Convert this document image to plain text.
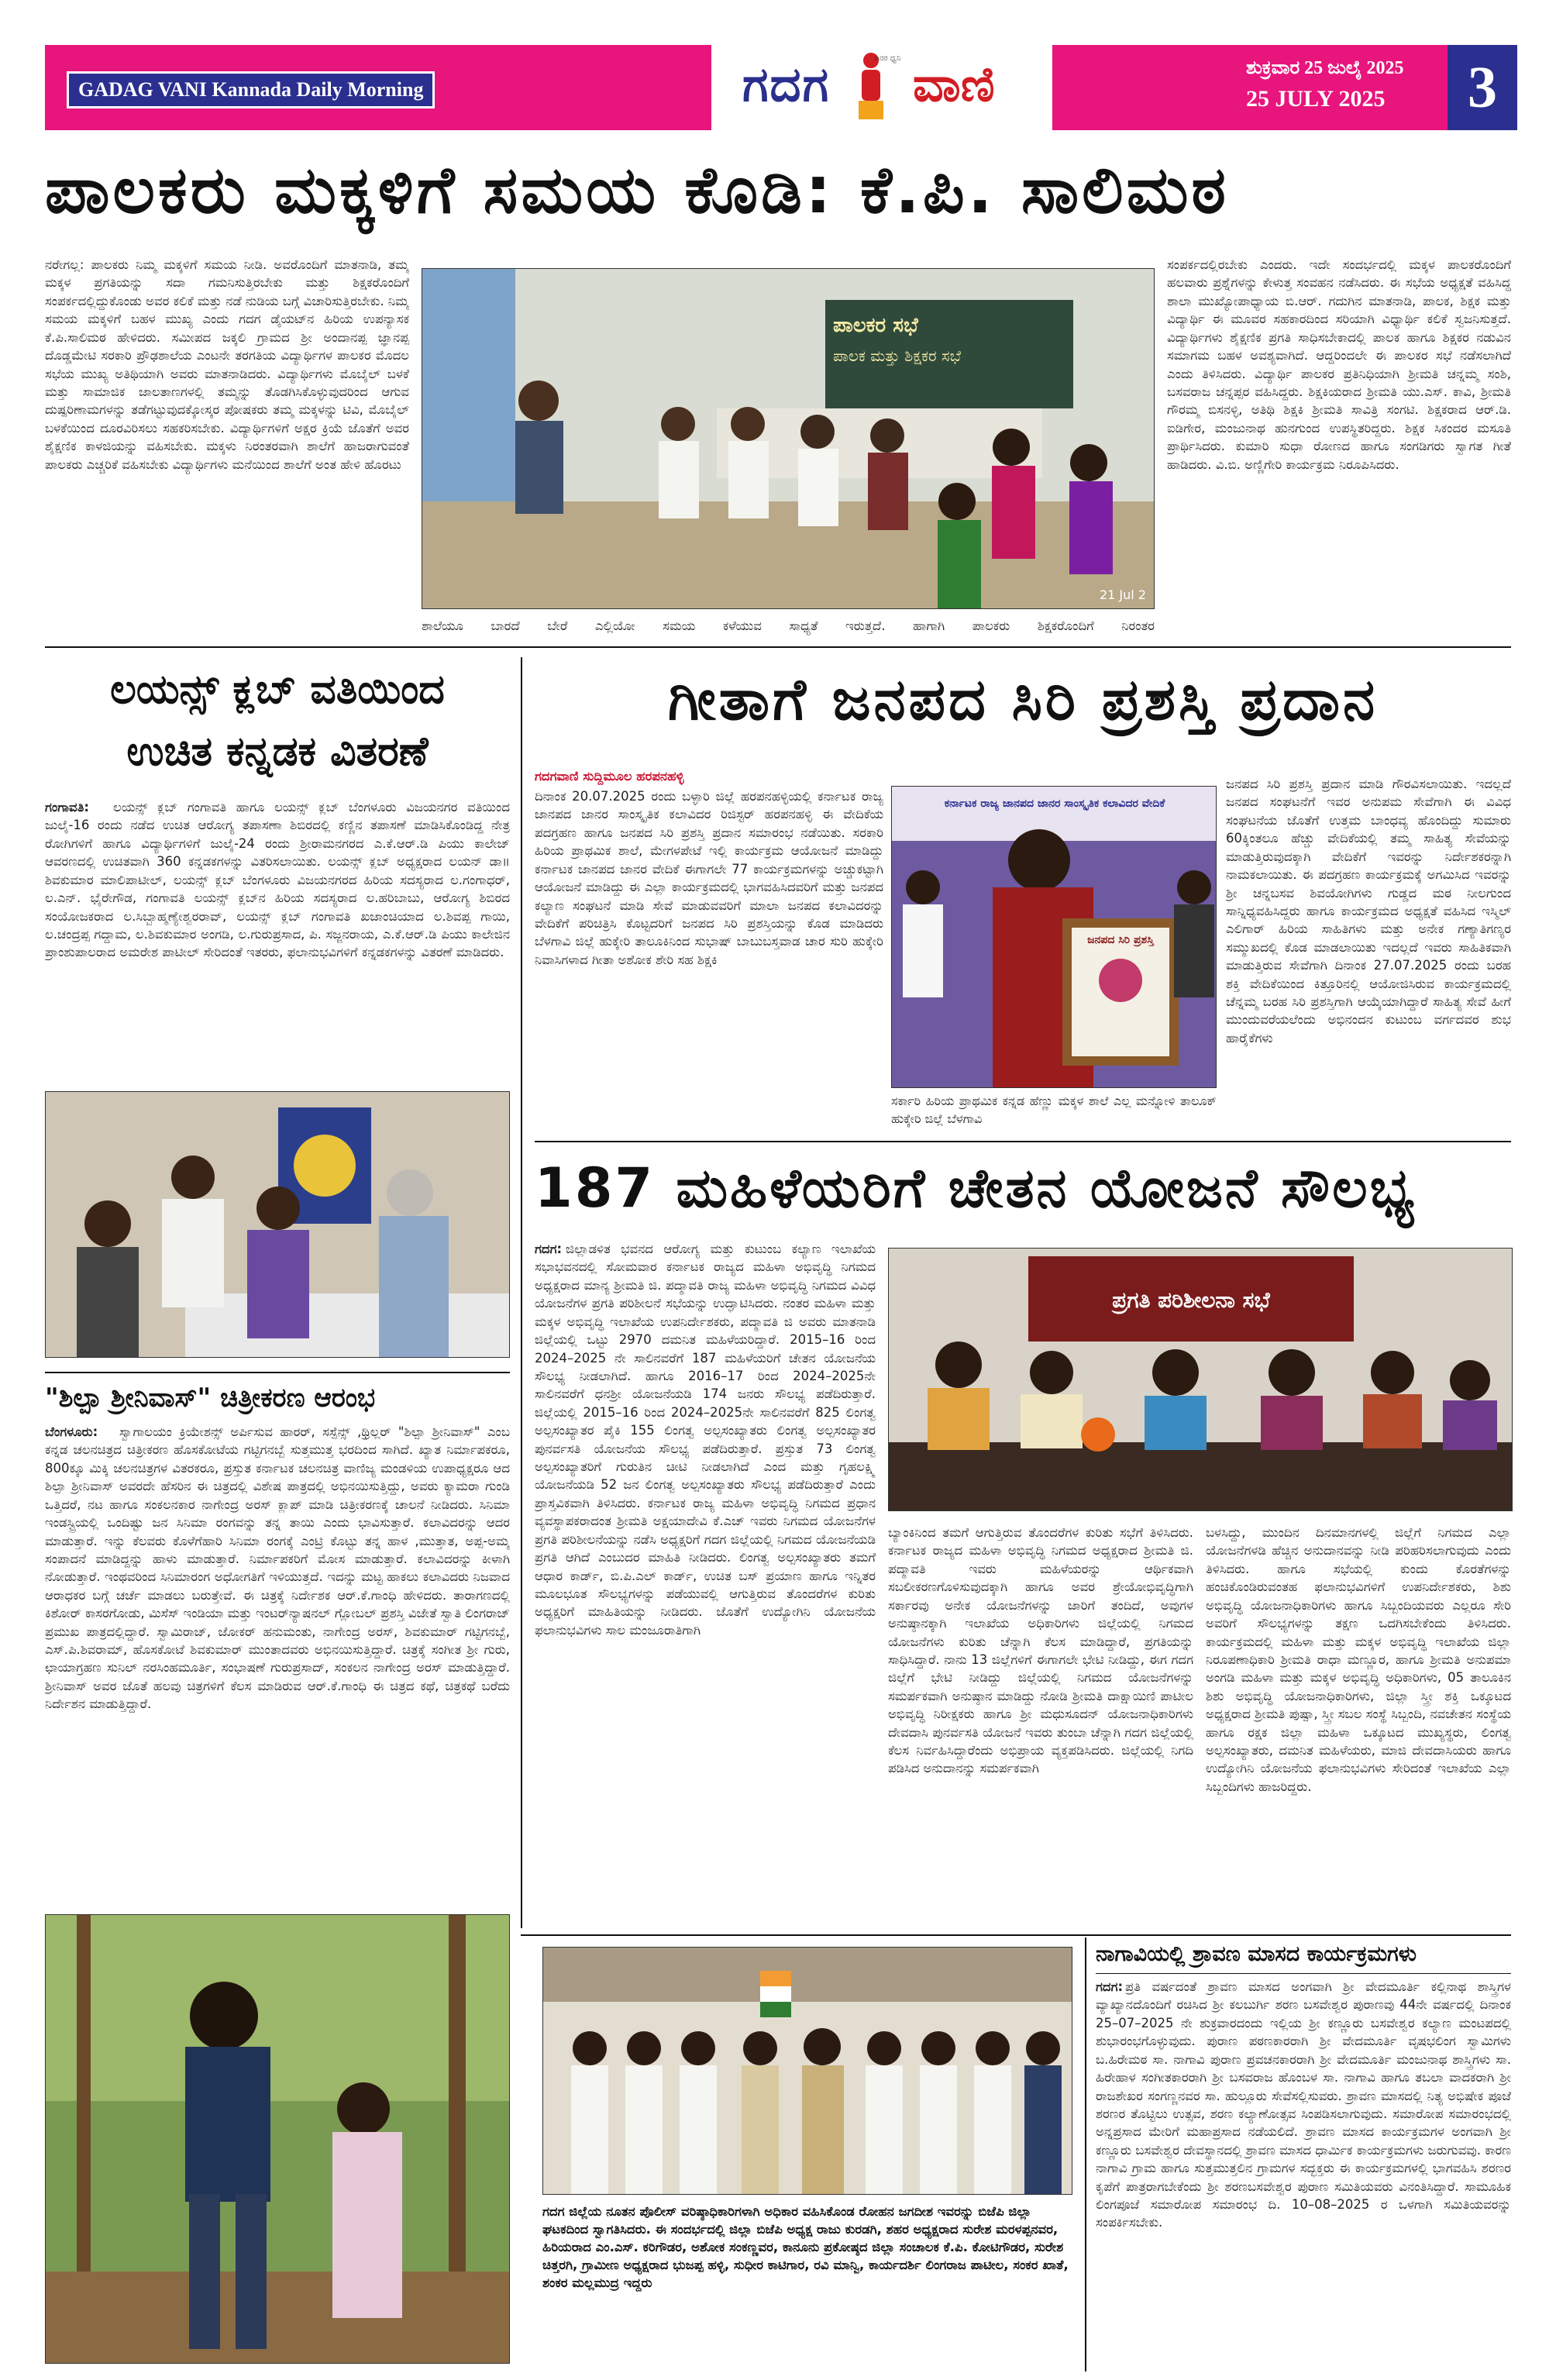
GADAG VANI Kannada Daily Morning	ಗದಗ	ಜನರ ಧ್ವನಿ ವಾಣಿ	ಶುಕ್ರವಾರ 25 ಜುಲೈ 2025
25 JULY 2025	3
ಪಾಲಕರು ಮಕ್ಕಳಿಗೆ ಸಮಯ ಕೊಡಿ: ಕೆ.ಪಿ. ಸಾಲಿಮಠ
ನರೇಗಲ್ಲ: ಪಾಲಕರು ನಿಮ್ಮ ಮಕ್ಕಳಿಗೆ ಸಮಯ ನೀಡಿ. ಅವರೊಂದಿಗೆ ಮಾತನಾಡಿ, ತಮ್ಮ ಮಕ್ಕಳ ಪ್ರಗತಿಯನ್ನು ಸದಾ ಗಮನಿಸುತ್ತಿರಬೇಕು ಮತ್ತು ಶಿಕ್ಷಕರೊಂದಿಗೆ ಸಂಪರ್ಕದಲ್ಲಿದ್ದುಕೊಂಡು ಅವರ ಕಲಿಕೆ ಮತ್ತು ನಡೆ ನುಡಿಯ ಬಗ್ಗೆ ವಿಚಾರಿಸುತ್ತಿರಬೇಕು. ನಿಮ್ಮ ಸಮಯ ಮಕ್ಕಳಿಗೆ ಬಹಳ ಮುಖ್ಯ ಎಂದು ಗದಗ ಡೈಯಟ್‌ನ ಹಿರಿಯ ಉಪನ್ಯಾಸಕ ಕೆ.ಪಿ.ಸಾಲಿಮಠ ಹೇಳಿದರು. ಸಮೀಪದ ಜಕ್ಕಲಿ ಗ್ರಾಮದ ಶ್ರೀ ಅಂದಾನಪ್ಪ ಜ್ಞಾನಪ್ಪ ದೊಡ್ಡಮೇಟಿ ಸರಕಾರಿ ಪ್ರೌಢಶಾಲೆಯ ಎಂಟನೇ ತರಗತಿಯ ವಿದ್ಯಾರ್ಥಿಗಳ ಪಾಲಕರ ಮೊದಲ ಸಭೆಯ ಮುಖ್ಯ ಅತಿಥಿಯಾಗಿ ಅವರು ಮಾತನಾಡಿದರು. ವಿದ್ಯಾರ್ಥಿಗಳು ಮೊಬೈಲ್ ಬಳಕೆ ಮತ್ತು ಸಾಮಾಜಿಕ ಜಾಲತಾಣಗಳಲ್ಲಿ ತಮ್ಮನ್ನು ತೊಡಗಿಸಿಕೊಳ್ಳುವುದರಿಂದ ಆಗುವ ದುಷ್ಪರಿಣಾಮಗಳನ್ನು ತಡೆಗಟ್ಟುವುದಕ್ಕೋಸ್ಕರ ಪೋಷಕರು ತಮ್ಮ ಮಕ್ಕಳನ್ನು ಟಿವಿ, ಮೊಬೈಲ್ ಬಳಕೆಯಿಂದ ದೂರವಿರಿಸಲು ಸಹಕರಿಸಬೇಕು. ವಿದ್ಯಾರ್ಥಿಗಳಿಗೆ ಅಕ್ಷರ ಕ್ರಿಯೆ ಜೊತೆಗೆ ಅವರ ಶೈಕ್ಷಣಿಕ ಕಾಳಜಿಯನ್ನು ವಹಿಸಬೇಕು. ಮಕ್ಕಳು ನಿರಂತರವಾಗಿ ಶಾಲೆಗೆ ಹಾಜರಾಗುವಂತೆ ಪಾಲಕರು ಎಚ್ಚರಿಕೆ ವಹಿಸಬೇಕು ವಿದ್ಯಾರ್ಥಿಗಳು ಮನೆಯಿಂದ ಶಾಲೆಗೆ ಅಂತ ಹೇಳಿ ಹೊರಟು
ಪಾಲಕರ ಸಭೆ
ಪಾಲಕ ಮತ್ತು ಶಿಕ್ಷಕರ ಸಭೆ
21 Jul 2
ಶಾಲೆಯೂ ಬಾರದೆ ಬೇರೆ ಎಲ್ಲಿಯೋ ಸಮಯ ಕಳೆಯುವ ಸಾಧ್ಯತೆ ಇರುತ್ತದೆ. ಹಾಗಾಗಿ ಪಾಲಕರು ಶಿಕ್ಷಕರೊಂದಿಗೆ ನಿರಂತರ
ಸಂಪರ್ಕದಲ್ಲಿರಬೇಕು ಎಂದರು. ಇದೇ ಸಂದರ್ಭದಲ್ಲಿ ಮಕ್ಕಳ ಪಾಲಕರೊಂದಿಗೆ ಹಲವಾರು ಪ್ರಶ್ನೆಗಳನ್ನು ಕೇಳುತ್ತ ಸಂವಹನ ನಡೆಸಿದರು. ಈ ಸಭೆಯ ಅಧ್ಯಕ್ಷತೆ ವಹಿಸಿದ್ದ ಶಾಲಾ ಮುಖ್ಯೋಪಾಧ್ಯಾಯ ಬಿ.ಆರ್. ಗದುಗಿನ ಮಾತನಾಡಿ, ಪಾಲಕ, ಶಿಕ್ಷಕ ಮತ್ತು ವಿದ್ಯಾರ್ಥಿ ಈ ಮೂವರ ಸಹಕಾರದಿಂದ ಸರಿಯಾಗಿ ವಿಧ್ಯಾರ್ಥಿ ಕಲಿಕೆ ಸ್ವಜನಿಸುತ್ತದೆ. ವಿದ್ಯಾರ್ಥಿಗಳು ಶೈಕ್ಷಣಿಕ ಪ್ರಗತಿ ಸಾಧಿಸಬೇಕಾದಲ್ಲಿ ಪಾಲಕ ಹಾಗೂ ಶಿಕ್ಷಕರ ನಡುವಿನ ಸಮಾಗಮ ಬಹಳ ಅವಶ್ಯವಾಗಿದೆ. ಆದ್ದರಿಂದಲೇ ಈ ಪಾಲಕರ ಸಭೆ ನಡೆಸಲಾಗಿದೆ ಎಂದು ತಿಳಿಸಿದರು. ವಿದ್ಯಾರ್ಥಿ ಪಾಲಕರ ಪ್ರತಿನಿಧಿಯಾಗಿ ಶ್ರೀಮತಿ ಚನ್ನಮ್ಮ ಸಂಶಿ, ಬಸವರಾಜ ಚನ್ನಪ್ಪರ ವಹಿಸಿದ್ದರು. ಶಿಕ್ಷಕಿಯರಾದ ಶ್ರೀಮತಿ ಯು.ಎಸ್. ಕಾವಿ, ಶ್ರೀಮತಿ ಗೌರಮ್ಮ ಬಿಸನಳ್ಳಿ, ಅತಿಥಿ ಶಿಕ್ಷಕಿ ಶ್ರೀಮತಿ ಸಾವಿತ್ರಿ ಸಂಗಟಿ. ಶಿಕ್ಷಕರಾದ ಆರ್.ಡಿ. ಐಡಿಗೇರ, ಮಂಜುನಾಥ ಹುನಗುಂದ ಉಪಸ್ಥಿತರಿದ್ದರು. ಶಿಕ್ಷಕ ಸಿಕಂದರ ಮಸೂತಿ ಪ್ರಾರ್ಥಿಸಿದರು. ಕುಮಾರಿ ಸುಧಾ ರೋಣದ ಹಾಗೂ ಸಂಗಡಿಗರು ಸ್ವಾಗತ ಗೀತೆ ಹಾಡಿದರು. ವಿ.ಬಿ. ಅಣ್ಣಿಗೇರಿ ಕಾರ್ಯಕ್ರಮ ನಿರೂಪಿಸಿದರು.
ಲಯನ್ಸ್ ಕ್ಲಬ್ ವತಿಯಿಂದ
ಉಚಿತ ಕನ್ನಡಕ ವಿತರಣೆ
ಗಂಗಾವತಿ:	ಲಯನ್ಸ್ ಕ್ಲಬ್ ಗಂಗಾವತಿ ಹಾಗೂ ಲಯನ್ಸ್ ಕ್ಲಬ್ ಬೆಂಗಳೂರು ವಿಜಯನಗರ ವತಿಯಿಂದ ಜುಲೈ-16 ರಂದು ನಡೆದ ಉಚಿತ ಆರೋಗ್ಯ ತಪಾಸಣಾ ಶಿಬಿರದಲ್ಲಿ ಕಣ್ಣಿನ ತಪಾಸಣೆ ಮಾಡಿಸಿಕೊಂಡಿದ್ದ ನೇತ್ರ ರೋಗಿಗಳಿಗೆ ಹಾಗೂ ವಿದ್ಯಾರ್ಥಿಗಳಿಗೆ ಜುಲೈ-24 ರಂದು ಶ್ರೀರಾಮನಗರದ ಎ.ಕೆ.ಆರ್.ಡಿ ಪಿಯು ಕಾಲೇಜ್ ಆವರಣದಲ್ಲಿ ಉಚಿತವಾಗಿ 360 ಕನ್ನಡಕಗಳನ್ನು ವಿತರಿಸಲಾಯಿತು. ಲಯನ್ಸ್ ಕ್ಲಬ್ ಅಧ್ಯಕ್ಷರಾದ ಲಯನ್ ಡಾ॥ ಶಿವಕುಮಾರ ಮಾಲಿಪಾಟೀಲ್, ಲಯನ್ಸ್ ಕ್ಲಬ್ ಬೆಂಗಳೂರು ವಿಜಯನಗರದ ಹಿರಿಯ ಸದಸ್ಯರಾದ ಲ.ಗಂಗಾಧರ್, ಲ.ಎನ್. ಭೈರೇಗೌಡ, ಗಂಗಾವತಿ ಲಯನ್ಸ್ ಕ್ಲಬ್‌ನ ಹಿರಿಯ ಸದಸ್ಯರಾದ ಲ.ಹರಿಬಾಬು, ಆರೋಗ್ಯ ಶಿಬಿರದ ಸಂಯೋಜಕರಾದ ಲ.ಸಿಬ್ಬಾಹ್ಮಣ್ಯೇಶ್ವರರಾವ್, ಲಯನ್ಸ್ ಕ್ಲಬ್ ಗಂಗಾವತಿ ಖಜಾಂಚಿಯಾದ ಲ.ಶಿವಪ್ಪ ಗಾಯಿ, ಲ.ಚಂದ್ರಪ್ಪ ಗದ್ದಾಮ, ಲ.ಶಿವಕುಮಾರ ಅಂಗಡಿ, ಲ.ಗುರುಪ್ರಸಾದ, ಪಿ. ಸಜ್ಜನರಾಯ, ಎ.ಕೆ.ಆರ್.ಡಿ ಪಿಯು ಕಾಲೇಜಿನ ಪ್ರಾಂಶುಪಾಲರಾದ ಅಮರೇಶ ಪಾಟೀಲ್ ಸೇರಿದಂತೆ ಇತರರು, ಫಲಾನುಭವಿಗಳಿಗೆ ಕನ್ನಡಕಗಳನ್ನು ವಿತರಣೆ ಮಾಡಿದರು.
"ಶಿಲ್ಪಾ ಶ್ರೀನಿವಾಸ್" ಚಿತ್ರೀಕರಣ ಆರಂಭ
ಬೆಂಗಳೂರು:	ಸ್ವಾಗಾಲಯಂ ಕ್ರಿಯೇಶನ್ಸ್ ಅರ್ಪಿಸುವ ಹಾರರ್, ಸಸ್ಪೆನ್ಸ್ ,ಥ್ರಿಲ್ಲರ್ "ಶಿಲ್ಪಾ ಶ್ರೀನಿವಾಸ್" ಎಂಬ ಕನ್ನಡ ಚಲನಚಿತ್ರದ ಚಿತ್ರೀಕರಣ ಹೊಸಕೋಟೆಯ ಗಟ್ಟಿಗನಬ್ಬೆ ಸುತ್ತಮುತ್ತ ಭರದಿಂದ ಸಾಗಿದೆ. ಖ್ಯಾತ ನಿರ್ಮಾಪಕರೂ, 800ಕ್ಕೂ ಮಿಕ್ಕಿ ಚಲನಚಿತ್ರಗಳ ವಿತರಕರೂ, ಪ್ರಸ್ತುತ ಕರ್ನಾಟಕ ಚಲನಚಿತ್ರ ವಾಣಿಜ್ಯ ಮಂಡಳಿಯ ಉಪಾಧ್ಯಕ್ಷರೂ ಆದ ಶಿಲ್ಪಾ ಶ್ರೀನಿವಾಸ್ ಅವರದೇ ಹೆಸರಿನ ಈ ಚಿತ್ರದಲ್ಲಿ ವಿಶೇಷ ಪಾತ್ರದಲ್ಲಿ ಅಭಿನಯಿಸುತ್ತಿದ್ದು, ಅವರು ಕ್ಯಾಮರಾ ಗುಂಡಿ ಒತ್ತಿದರೆ, ನಟ ಹಾಗೂ ಸಂಕಲನಕಾರ ನಾಗೇಂದ್ರ ಅರಸ್ ಕ್ಲಾಪ್ ಮಾಡಿ ಚಿತ್ರೀಕರಣಕ್ಕೆ ಚಾಲನೆ ನೀಡಿದರು. ಸಿನಿಮಾ ಇಂಡಸ್ಟ್ರಿಯಲ್ಲಿ ಒಂದಿಷ್ಟು ಜನ ಸಿನಿಮಾ ರಂಗವನ್ನು ತನ್ನ ತಾಯಿ ಎಂದು ಭಾವಿಸುತ್ತಾರೆ. ಕಲಾವಿದರನ್ನು ಆದರ ಮಾಡುತ್ತಾರೆ. ಇನ್ನು ಕೆಲವರು ಕೊಳೆಗೆಹಾರಿ ಸಿನಿಮಾ ರಂಗಕ್ಕೆ ಎಂಟ್ರಿ ಕೊಟ್ಟು ತನ್ನ ಹಾಳ ,ಮುತ್ತಾತ, ಅಪ್ಪ-ಅಮ್ಮ ಸಂಪಾದನೆ ಮಾಡಿದ್ದನ್ನು ಹಾಳು ಮಾಡುತ್ತಾರೆ. ನಿರ್ಮಾಪಕರಿಗೆ ಮೋಸ ಮಾಡುತ್ತಾರೆ. ಕಲಾವಿದರನ್ನು ಕೀಳಾಗಿ ನೋಡುತ್ತಾರೆ. ಇಂಥವರಿಂದ ಸಿನಿಮಾರಂಗ ಅಧೋಗತಿಗೆ ಇಳಿಯುತ್ತದೆ. ಇದನ್ನು ಮಟ್ಟ ಹಾಕಲು ಕಲಾವಿದರು ನಿಜವಾದ ಆರಾಧಕರ ಬಗ್ಗೆ ಚರ್ಚೆ ಮಾಡಲು ಬರುತ್ತೇವೆ. ಈ ಚಿತ್ರಕ್ಕೆ ನಿರ್ದೇಶಕ ಆರ್.ಕೆ.ಗಾಂಧಿ ಹೇಳಿದರು. ತಾರಾಗಣದಲ್ಲಿ ಕಿಶೋರ್ ಕಾಸರಗೋಡು, ಮಿಸೆಸ್ ಇಂಡಿಯಾ ಮತ್ತು ಇಂಟರ್‌ನ್ಯಾಷನಲ್ ಗ್ಲೋಬಲ್ ಪ್ರಶಸ್ತಿ ವಿಜೇತೆ ಸ್ವಾತಿ ಲಿಂಗರಾಜ್ ಪ್ರಮುಖ ಪಾತ್ರದಲ್ಲಿದ್ದಾರೆ. ಸ್ವಾಮಿರಾಜ್, ಜೋಕರ್ ಹನುಮಂತು, ನಾಗೇಂದ್ರ ಅರಸ್, ಶಿವಕುಮಾರ್ ಗಟ್ಟಿಗನಬ್ಬೆ, ಎಸ್.ಪಿ.ಶಿವರಾಮ್, ಹೊಸಕೋಟೆ ಶಿವಕುಮಾರ್ ಮುಂತಾದವರು ಅಭಿನಯಿಸುತ್ತಿದ್ದಾರೆ. ಚಿತ್ರಕ್ಕೆ ಸಂಗೀತ ಶ್ರೀ ಗುರು, ಛಾಯಾಗ್ರಹಣ ಸುನಿಲ್ ನರಸಿಂಹಮೂರ್ತಿ, ಸಂಭಾಷಣೆ ಗುರುಪ್ರಸಾದ್, ಸಂಕಲನ ನಾಗೇಂದ್ರ ಅರಸ್ ಮಾಡುತ್ತಿದ್ದಾರೆ. ಶ್ರೀನಿವಾಸ್ ಅವರ ಜೊತೆ ಹಲವು ಚಿತ್ರಗಳಿಗೆ ಕೆಲಸ ಮಾಡಿರುವ ಆರ್.ಕೆ.ಗಾಂಧಿ ಈ ಚಿತ್ರದ ಕಥೆ, ಚಿತ್ರಕಥೆ ಬರೆದು ನಿರ್ದೇಶನ ಮಾಡುತ್ತಿದ್ದಾರೆ.
ಗೀತಾಗೆ ಜನಪದ ಸಿರಿ ಪ್ರಶಸ್ತಿ ಪ್ರದಾನ
ಗದಗವಾಣಿ ಸುದ್ದಿಮೂಲ ಹರಪನಹಳ್ಳಿ
ದಿನಾಂಕ 20.07.2025 ರಂದು ಬಳ್ಳಾರಿ ಜಿಲ್ಲೆ ಹರಪನಹಳ್ಳಿಯಲ್ಲಿ ಕರ್ನಾಟಕ ರಾಜ್ಯ ಜಾನಪದ ಜಾನರ ಸಾಂಸ್ಕೃತಿಕ ಕಲಾವಿದರ ರಿಜಿಸ್ಟರ್ ಹರಪನಹಳ್ಳಿ ಈ ವೇದಿಕೆಯ ಪದಗ್ರಹಣ ಹಾಗೂ ಜನಪದ ಸಿರಿ ಪ್ರಶಸ್ತಿ ಪ್ರದಾನ ಸಮಾರಂಭ ನಡೆಯಿತು. ಸರಕಾರಿ ಹಿರಿಯ ಪ್ರಾಥಮಿಕ ಶಾಲೆ, ಮೇಗಳಪೇಟೆ ಇಲ್ಲಿ ಕಾರ್ಯಕ್ರಮ ಆಯೋಜನೆ ಮಾಡಿದ್ದು ಕರ್ನಾಟಕ ಜಾನಪದ ಜಾನರ ವೇದಿಕೆ ಈಗಾಗಲೇ 77 ಕಾರ್ಯಕ್ರಮಗಳನ್ನು ಅಚ್ಚುಕಟ್ಟಾಗಿ ಆಯೋಜನೆ ಮಾಡಿದ್ದು ಈ ಎಲ್ಲಾ ಕಾರ್ಯಕ್ರಮದಲ್ಲಿ ಭಾಗವಹಿಸಿದವರಿಗೆ ಮತ್ತು ಜನಪದ ಕಲ್ಯಾಣ ಸಂಘಟನೆ ಮಾಡಿ ಸೇವೆ ಮಾಡುವವರಿಗೆ ಮಾಲಾ ಜನಪದ ಕಲಾವಿದರನ್ನು ವೇದಿಕೆಗೆ ಪರಿಚಿತ್ರಿಸಿ ಕೊಟ್ಟದರಿಗೆ ಜನಪದ ಸಿರಿ ಪ್ರಶಸ್ತಿಯನ್ನು ಕೊಡ ಮಾಡಿದರು ಬೆಳಗಾವಿ ಜಿಲ್ಲೆ ಹುಕ್ಕೇರಿ ತಾಲೂಕಿನಿಂದ ಸುಭಾಷ್ ಬಾಬುಬಸ್ತವಾಡ ಚಾರ ಸುರಿ ಹುಕ್ಕೇರಿ ನಿವಾಸಿಗಳಾದ ಗೀತಾ ಅಶೋಕ ಶೇರಿ ಸಹ ಶಿಕ್ಷಕಿ
ಕರ್ನಾಟಕ ರಾಜ್ಯ ಜಾನಪದ ಜಾನರ ಸಾಂಸ್ಕೃತಿಕ ಕಲಾವಿದರ ವೇದಿಕೆ
ಜನಪದ ಸಿರಿ ಪ್ರಶಸ್ತಿ
ಸರ್ಕಾರಿ ಹಿರಿಯ ಪ್ರಾಥಮಿಕ ಕನ್ನಡ ಹೆಣ್ಣು ಮಕ್ಕಳ ಶಾಲೆ ಎಲ್ಲ ಮನ್ನೋಳಿ ತಾಲೂಕ್ ಹುಕ್ಕೇರಿ ಜಿಲ್ಲೆ ಬೆಳಗಾವಿ
ಜನಪದ ಸಿರಿ ಪ್ರಶಸ್ತಿ ಪ್ರದಾನ ಮಾಡಿ ಗೌರವಿಸಲಾಯಿತು. ಇದಲ್ಲದೆ ಜನಪದ ಸಂಘಟನೆಗೆ ಇವರ ಅನುಪಮ ಸೇವೆಗಾಗಿ ಈ ವಿವಿಧ ಸಂಘಟನೆಯ ಜೊತೆಗೆ ಉತ್ತಮ ಬಾಂಧವ್ಯ ಹೊಂದಿದ್ದು ಸುಮಾರು 60ಕ್ಕಿಂತಲೂ ಹೆಚ್ಚು ವೇದಿಕೆಯಲ್ಲಿ ತಮ್ಮ ಸಾಹಿತ್ಯ ಸೇವೆಯನ್ನು ಮಾಡುತ್ತಿರುವುದಕ್ಕಾಗಿ ವೇದಿಕೆಗೆ ಇವರನ್ನು ನಿರ್ದೇಶಕರನ್ನಾಗಿ ನಾಮಕಲಾಯಿತು. ಈ ಪದಗ್ರಹಣ ಕಾರ್ಯಕ್ರಮಕ್ಕೆ ಅಗಮಿಸಿದ ಇವರನ್ನು ಶ್ರೀ ಚನ್ನಬಸವ ಶಿವಯೋಗಿಗಳು ಗುಡ್ಡದ ಮಠ ನೀಲಗುಂದ ಸಾನ್ನಿಧ್ಯವಹಿಸಿದ್ದರು ಹಾಗೂ ಕಾರ್ಯಕ್ರಮದ ಅಧ್ಯಕ್ಷತೆ ವಹಿಸಿದ ಇಸ್ಮಿಲ್ ಎಲಿಗಾರ್ ಹಿರಿಯ ಸಾಹಿತಿಗಳು ಮತ್ತು ಅನೇಕ ಗಣ್ಯಾತಿಗಣ್ಯರ ಸಮ್ಮುಖದಲ್ಲಿ ಕೊಡ ಮಾಡಲಾಯಿತು ಇದಲ್ಲದೆ ಇವರು ಸಾಹಿತಿಕವಾಗಿ ಮಾಡುತ್ತಿರುವ ಸೇವೆಗಾಗಿ ದಿನಾಂಕ 27.07.2025 ರಂದು ಬರಹ ಶಕ್ತಿ ವೇದಿಕೆಯಿಂದ ಕಿತ್ತೂರಿನಲ್ಲಿ ಆಯೋಜಿಸಿರುವ ಕಾರ್ಯಕ್ರಮದಲ್ಲಿ ಚೆನ್ನಮ್ಮ ಬರಹ ಸಿರಿ ಪ್ರಶಸ್ತಿಗಾಗಿ ಆಯ್ಕೆಯಾಗಿದ್ದಾರೆ ಸಾಹಿತ್ಯ ಸೇವೆ ಹೀಗೆ ಮುಂದುವರೆಯಲೆಂದು ಅಭಿನಂದನ ಕುಟುಂಬ ವರ್ಗದವರ ಶುಭ ಹಾರೈಕೆಗಳು
187 ಮಹಿಳೆಯರಿಗೆ ಚೇತನ ಯೋಜನೆ ಸೌಲಭ್ಯ
ಗದಗ: ಜಿಲ್ಲಾಡಳಿತ ಭವನದ ಆರೋಗ್ಯ ಮತ್ತು ಕುಟುಂಬ ಕಲ್ಯಾಣ ಇಲಾಖೆಯ ಸಭಾಭವನದಲ್ಲಿ ಸೋಮವಾರ ಕರ್ನಾಟಕ ರಾಜ್ಯದ ಮಹಿಳಾ ಅಭಿವೃದ್ಧಿ ನಿಗಮದ ಅಧ್ಯಕ್ಷರಾದ ಮಾನ್ಯ ಶ್ರೀಮತಿ ಜಿ. ಪದ್ಮಾವತಿ ರಾಜ್ಯ ಮಹಿಳಾ ಅಭಿವೃದ್ಧಿ ನಿಗಮದ ವಿವಿಧ ಯೋಜನೆಗಳ ಪ್ರಗತಿ ಪರಿಶೀಲನೆ ಸಭೆಯನ್ನು ಉದ್ಘಾಟಿಸಿದರು. ನಂತರ ಮಹಿಳಾ ಮತ್ತು ಮಕ್ಕಳ ಅಭಿವೃದ್ಧಿ ಇಲಾಖೆಯ ಉಪನಿರ್ದೇಶಕರು, ಪದ್ಮಾವತಿ ಜಿ ಅವರು ಮಾತನಾಡಿ ಜಿಲ್ಲೆಯಲ್ಲಿ ಒಟ್ಟು 2970 ದಮನಿತ ಮಹಿಳೆಯರಿದ್ದಾರೆ. 2015–16 ರಿಂದ 2024–2025 ನೇ ಸಾಲಿನವರೆಗೆ 187 ಮಹಿಳೆಯರಿಗೆ ಚೇತನ ಯೋಜನೆಯ ಸೌಲಭ್ಯ ನೀಡಲಾಗಿದೆ. ಹಾಗೂ 2016–17 ರಿಂದ 2024–2025ನೇ ಸಾಲಿನವರೆಗೆ ಧನಶ್ರೀ ಯೋಜನೆಯಡಿ 174 ಜನರು ಸೌಲಭ್ಯ ಪಡೆದಿರುತ್ತಾರೆ. ಜಿಲ್ಲೆಯಲ್ಲಿ 2015–16 ರಿಂದ 2024–2025ನೇ ಸಾಲಿನವರೆಗೆ 825 ಲಿಂಗತ್ವ ಅಲ್ಪಸಂಖ್ಯಾತರ ಪೈಕಿ 155 ಲಿಂಗತ್ವ ಅಲ್ಪಸಂಖ್ಯಾತರು ಲಿಂಗತ್ವ ಅಲ್ಪಸಂಖ್ಯಾತರ ಪುನರ್ವಸತಿ ಯೋಜನೆಯ ಸೌಲಭ್ಯ ಪಡೆದಿರುತ್ತಾರೆ. ಪ್ರಸ್ತುತ 73 ಲಿಂಗತ್ವ ಅಲ್ಪಸಂಖ್ಯಾತರಿಗೆ ಗುರುತಿನ ಚೀಟಿ ನೀಡಲಾಗಿದೆ ಎಂದ ಮತ್ತು ಗೃಹಲಕ್ಷ್ಮಿ ಯೋಜನೆಯಡಿ 52 ಜನ ಲಿಂಗತ್ವ ಅಲ್ಪಸಂಖ್ಯಾತರು ಸೌಲಭ್ಯ ಪಡೆದಿರುತ್ತಾರೆ ಎಂದು ಪ್ರಾಸ್ತವಿಕವಾಗಿ ತಿಳಿಸಿದರು. ಕರ್ನಾಟಕ ರಾಜ್ಯ ಮಹಿಳಾ ಅಭಿವೃದ್ಧಿ ನಿಗಮದ ಪ್ರಧಾನ ವ್ಯವಸ್ಥಾಪಕರಾದಂತ ಶ್ರೀಮತಿ ಅಕ್ಷಯಾದೇವಿ ಕೆ.ಎಚ್ ಇವರು ನಿಗಮದ ಯೋಜನೆಗಳ ಪ್ರಗತಿ ಪರಿಶೀಲನೆಯನ್ನು ನಡೆಸಿ ಅಧ್ಯಕ್ಷರಿಗೆ ಗದಗ ಜಿಲ್ಲೆಯಲ್ಲಿ ನಿಗಮದ ಯೋಜನೆಯಡಿ ಪ್ರಗತಿ ಆಗಿದೆ ಎಂಬುದರ ಮಾಹಿತಿ ನೀಡಿದರು. ಲಿಂಗತ್ವ ಅಲ್ಪಸಂಖ್ಯಾತರು ತಮಗೆ ಆಧಾರ ಕಾರ್ಡ್, ಬಿ.ಪಿ.ಎಲ್ ಕಾರ್ಡ್, ಉಚಿತ ಬಸ್ ಪ್ರಯಾಣ ಹಾಗೂ ಇನ್ನಿತರ ಮೂಲಭೂತ ಸೌಲಭ್ಯಗಳನ್ನು ಪಡೆಯುವಲ್ಲಿ ಆಗುತ್ತಿರುವ ತೊಂದರೆಗಳ ಕುರಿತು ಅಧ್ಯಕ್ಷರಿಗೆ ಮಾಹಿತಿಯನ್ನು ನೀಡಿದರು. ಜೊತೆಗೆ ಉದ್ಯೋಗಿನಿ ಯೋಜನೆಯ ಫಲಾನುಭವಿಗಳು ಸಾಲ ಮಂಜೂರಾತಿಗಾಗಿ
ಪ್ರಗತಿ ಪರಿಶೀಲನಾ ಸಭೆ
ಬ್ಯಾಂಕಿನಿಂದ ತಮಗೆ ಆಗುತ್ತಿರುವ ತೊಂದರೆಗಳ ಕುರಿತು ಸಭೆಗೆ ತಿಳಿಸಿದರು. ಕರ್ನಾಟಕ ರಾಜ್ಯದ ಮಹಿಳಾ ಅಭಿವೃದ್ಧಿ ನಿಗಮದ ಅಧ್ಯಕ್ಷರಾದ ಶ್ರೀಮತಿ ಜಿ. ಪದ್ಮಾವತಿ ಇವರು ಮಹಿಳೆಯರನ್ನು ಆರ್ಥಿಕವಾಗಿ ಸಬಲೀಕರಣಗೊಳಿಸುವುದಕ್ಕಾಗಿ ಹಾಗೂ ಅವರ ಶ್ರೇಯೋಭಿವೃದ್ಧಿಗಾಗಿ ಸರ್ಕಾರವು ಅನೇಕ ಯೋಜನೆಗಳನ್ನು ಜಾರಿಗೆ ತಂದಿದೆ, ಅವುಗಳ ಅನುಷ್ಠಾನಕ್ಕಾಗಿ ಇಲಾಖೆಯ ಅಧಿಕಾರಿಗಳು ಜಿಲ್ಲೆಯಲ್ಲಿ ನಿಗಮದ ಯೋಜನೆಗಳು ಕುರಿತು ಚೆನ್ನಾಗಿ ಕೆಲಸ ಮಾಡಿದ್ದಾರೆ, ಪ್ರಗತಿಯನ್ನು ಸಾಧಿಸಿದ್ದಾರೆ. ನಾನು 13 ಜಿಲ್ಲೆಗಳಿಗೆ ಈಗಾಗಲೇ ಭೇಟಿ ನೀಡಿದ್ದು, ಈಗ ಗದಗ ಜಿಲ್ಲೆಗೆ ಭೇಟಿ ನೀಡಿದ್ದು ಜಿಲ್ಲೆಯಲ್ಲಿ ನಿಗಮದ ಯೋಜನೆಗಳನ್ನು ಸಮರ್ಪಕವಾಗಿ ಅನುಷ್ಠಾನ ಮಾಡಿದ್ದು ನೋಡಿ ಶ್ರೀಮತಿ ದಾಕ್ಷಾಯಿಣಿ ಪಾಟೀಲ ಅಭಿವೃದ್ಧಿ ನಿರೀಕ್ಷಕರು ಹಾಗೂ ಶ್ರೀ ಮಧುಸೂದನ್ ಯೋಜನಾಧಿಕಾರಿಗಳು ದೇವದಾಸಿ ಪುನರ್ವಸತಿ ಯೋಜನೆ ಇವರು ತುಂಬಾ ಚೆನ್ನಾಗಿ ಗದಗ ಜಿಲ್ಲೆಯಲ್ಲಿ ಕೆಲಸ ನಿರ್ವಹಿಸಿದ್ದಾರೆಂದು ಅಭಿಪ್ರಾಯ ವ್ಯಕ್ತಪಡಿಸಿದರು. ಜಿಲ್ಲೆಯಲ್ಲಿ ನಿಗದಿ ಪಡಿಸಿದ ಅನುದಾನನ್ನು ಸಮರ್ಪಕವಾಗಿ
ಬಳಸಿದ್ದು, ಮುಂದಿನ ದಿನಮಾನಗಳಲ್ಲಿ ಜಿಲ್ಲೆಗೆ ನಿಗಮದ ಎಲ್ಲಾ ಯೋಜನೆಗಳಡಿ ಹೆಚ್ಚಿನ ಅನುದಾನವನ್ನು ನೀಡಿ ಪರಿಹರಿಸಲಾಗುವುದು ಎಂದು ತಿಳಿಸಿದರು. ಹಾಗೂ ಸಭೆಯಲ್ಲಿ ಕುಂದು ಕೊರತೆಗಳನ್ನು ಹಂಚಿಕೊಂಡಿರುವಂತಹ ಫಲಾನುಭವಿಗಳಿಗೆ ಉಪನಿರ್ದೇಶಕರು, ಶಿಶು ಅಭಿವೃದ್ಧಿ ಯೋಜನಾಧಿಕಾರಿಗಳು ಹಾಗೂ ಸಿಬ್ಬಂದಿಯವರು ಎಲ್ಲರೂ ಸೇರಿ ಅವರಿಗೆ ಸೌಲಭ್ಯಗಳನ್ನು ತಕ್ಷಣ ಒದಗಿಸಬೇಕೆಂದು ತಿಳಿಸಿದರು. ಕಾರ್ಯಕ್ರಮದಲ್ಲಿ ಮಹಿಳಾ ಮತ್ತು ಮಕ್ಕಳ ಅಭಿವೃದ್ಧಿ ಇಲಾಖೆಯ ಜಿಲ್ಲಾ ನಿರೂಪಣಾಧಿಕಾರಿ ಶ್ರೀಮತಿ ರಾಧಾ ಮಣ್ಣೂರ, ಹಾಗೂ ಶ್ರೀಮತಿ ಅನುಪಮಾ ಅಂಗಡಿ ಮಹಿಳಾ ಮತ್ತು ಮಕ್ಕಳ ಅಭಿವೃದ್ಧಿ ಅಧಿಕಾರಿಗಳು, 05 ತಾಲೂಕಿನ ಶಿಶು ಅಭಿವೃದ್ಧಿ ಯೋಜನಾಧಿಕಾರಿಗಳು, ಜಿಲ್ಲಾ ಸ್ತ್ರೀ ಶಕ್ತಿ ಒಕ್ಕೂಟದ ಅಧ್ಯಕ್ಷರಾದ ಶ್ರೀಮತಿ ಪುಷ್ಪಾ, ಸ್ತ್ರೀ ಸಬಲ ಸಂಸ್ಥೆ ಸಿಬ್ಬಂದಿ, ನವಚೇತನ ಸಂಸ್ಥೆಯ ಹಾಗೂ ರಕ್ಷಕ ಜಿಲ್ಲಾ ಮಹಿಳಾ ಒಕ್ಕೂಟದ ಮುಖ್ಯಸ್ಥರು, ಲಿಂಗತ್ವ ಅಲ್ಪಸಂಖ್ಯಾತರು, ದಮನಿತ ಮಹಿಳೆಯರು, ಮಾಜಿ ದೇವದಾಸಿಯರು ಹಾಗೂ ಉದ್ಯೋಗಿನಿ ಯೋಜನೆಯ ಫಲಾನುಭವಿಗಳು ಸೇರಿದಂತೆ ಇಲಾಖೆಯ ಎಲ್ಲಾ ಸಿಬ್ಬಂದಿಗಳು ಹಾಜರಿದ್ದರು.
ಗದಗ ಜಿಲ್ಲೆಯ ನೂತನ ಪೊಲೀಸ್ ವರಿಷ್ಠಾಧಿಕಾರಿಗಳಾಗಿ ಅಧಿಕಾರ ವಹಿಸಿಕೊಂಡ ರೋಹನ ಜಗದೀಶ ಇವರನ್ನು ಬಿಜೆಪಿ ಜಿಲ್ಲಾ ಘಟಕದಿಂದ ಸ್ವಾಗತಿಸಿದರು. ಈ ಸಂದರ್ಭದಲ್ಲಿ ಜಿಲ್ಲಾ ಬಿಜೆಪಿ ಅಧ್ಯಕ್ಷ ರಾಜು ಕುರಡಗಿ, ಶಹರ ಅಧ್ಯಕ್ಷರಾದ ಸುರೇಶ ಮರಳಪ್ಪನವರ, ಹಿರಿಯರಾದ ಎಂ.ಎಸ್. ಕರಿಗೌಡರ, ಅಶೋಕ ಸಂಕಣ್ಣವರ, ಕಾನೂನು ಪ್ರಕೋಷ್ಠದ ಜಿಲ್ಲಾ ಸಂಚಾಲಕ ಕೆ.ಪಿ. ಕೋಟಿಗೌಡರ, ಸುರೇಶ ಚಿತ್ತರಗಿ, ಗ್ರಾಮೀಣ ಅಧ್ಯಕ್ಷರಾದ ಭುಜಪ್ಪ ಹಳ್ಳಿ, ಸುಧೀರ ಕಾಟಿಗಾರ, ರವಿ ಮಾನ್ವಿ, ಕಾರ್ಯದರ್ಶಿ ಲಿಂಗರಾಜ ಪಾಟೀಲ, ಸಂಕರ ಖಾತೆ, ಶಂಕರ ಮಲ್ಲಮುದ್ರ ಇದ್ದರು
ನಾಗಾವಿಯಲ್ಲಿ ಶ್ರಾವಣ ಮಾಸದ ಕಾರ್ಯಕ್ರಮಗಳು
ಗದಗ: ಪ್ರತಿ ವರ್ಷದಂತೆ ಶ್ರಾವಣ ಮಾಸದ ಅಂಗವಾಗಿ ಶ್ರೀ ವೇದಮೂರ್ತಿ ಕಲ್ಲಿನಾಥ ಶಾಸ್ತ್ರಿಗಳ ವ್ಯಾಖ್ಯಾನದೊಂದಿಗೆ ರಚಿಸಿದ ಶ್ರೀ ಕಲಬುರ್ಗಿ ಶರಣ ಬಸವೇಶ್ವರ ಪುರಾಣವು 44ನೇ ವರ್ಷದಲ್ಲಿ ದಿನಾಂಕ 25–07–2025 ನೇ ಶುಕ್ರವಾರದಂದು ಇಲ್ಲಿಯ ಶ್ರೀ ಕಣ್ಣೂರು ಬಸವೇಶ್ವರ ಕಲ್ಯಾಣ ಮಂಟಪದಲ್ಲಿ ಶುಭಾರಂಭಗೊಳ್ಳುವುದು. ಪುರಾಣ ಪಠಣಕಾರರಾಗಿ ಶ್ರೀ ವೇದಮೂರ್ತಿ ವೃಷಭಲಿಂಗ ಸ್ವಾಮಿಗಳು ಬ.ಹಿರೇಮಠ ಸಾ. ನಾಗಾವಿ ಪುರಾಣ ಪ್ರವಚನಕಾರರಾಗಿ ಶ್ರೀ ವೇದಮೂರ್ತಿ ಮಂಜುನಾಥ ಶಾಸ್ತ್ರಿಗಳು ಸಾ. ಹಿರೇಹಾಳ ಸಂಗೀತಕಾರರಾಗಿ ಶ್ರೀ ಬಸವರಾಜ ಹೊಂಬಳ ಸಾ. ನಾಗಾವಿ ಹಾಗೂ ತಬಲಾ ವಾದಕರಾಗಿ ಶ್ರೀ ರಾಜಶೇಖರ ಸಂಗಣ್ಣನವರ ಸಾ. ಹುಲ್ಲೂರು ಸೇವೆಸಲ್ಲಿಸುವರು. ಶ್ರಾವಣ ಮಾಸದಲ್ಲಿ ನಿತ್ಯ ಅಭಿಷೇಕ ಪೂಜೆ ಶರಣರ ತೊಟ್ಟಿಲು ಉತ್ಸವ, ಶರಣ ಕಲ್ಯಾಣೋತ್ಸವ ಸಿಂಪಡಿಸಲಾಗುವುದು. ಸಮಾರೋಪ ಸಮಾರಂಭದಲ್ಲಿ ಅನ್ನಪ್ರಸಾದ ಮೇರಿಗೆ ಮಹಾಪ್ರಸಾದ ನಡೆಯಲಿದೆ. ಶ್ರಾವಣ ಮಾಸದ ಕಾರ್ಯಕ್ರಮಗಳ ಅಂಗವಾಗಿ ಶ್ರೀ ಕಣ್ಣೂರು ಬಸವೇಶ್ವರ ದೇವಸ್ಥಾನದಲ್ಲಿ ಶ್ರಾವಣ ಮಾಸದ ಧಾರ್ಮಿಕ ಕಾರ್ಯಕ್ರಮಗಳು ಜರುಗುವವು. ಕಾರಣ ನಾಗಾವಿ ಗ್ರಾಮ ಹಾಗೂ ಸುತ್ತಮುತ್ತಲಿನ ಗ್ರಾಮಗಳ ಸದ್ಭಕ್ತರು ಈ ಕಾರ್ಯಕ್ರಮಗಳಲ್ಲಿ ಭಾಗವಹಿಸಿ ಶರಣರ ಕೃಪೆಗೆ ಪಾತ್ರರಾಗಬೇಕೆಂದು ಶ್ರೀ ಶರಣಬಸವೇಶ್ವರ ಪುರಾಣ ಸಮಿತಿಯವರು ವಿನಂತಿಸಿದ್ದಾರೆ. ಸಾಮೂಹಿಕ ಲಿಂಗಪೂಜೆ ಸಮಾರೋಪ ಸಮಾರಂಭ ದಿ. 10–08–2025 ರ ಒಳಗಾಗಿ ಸಮಿತಿಯವರನ್ನು ಸಂಪರ್ಕಿಸಬೇಕು.
